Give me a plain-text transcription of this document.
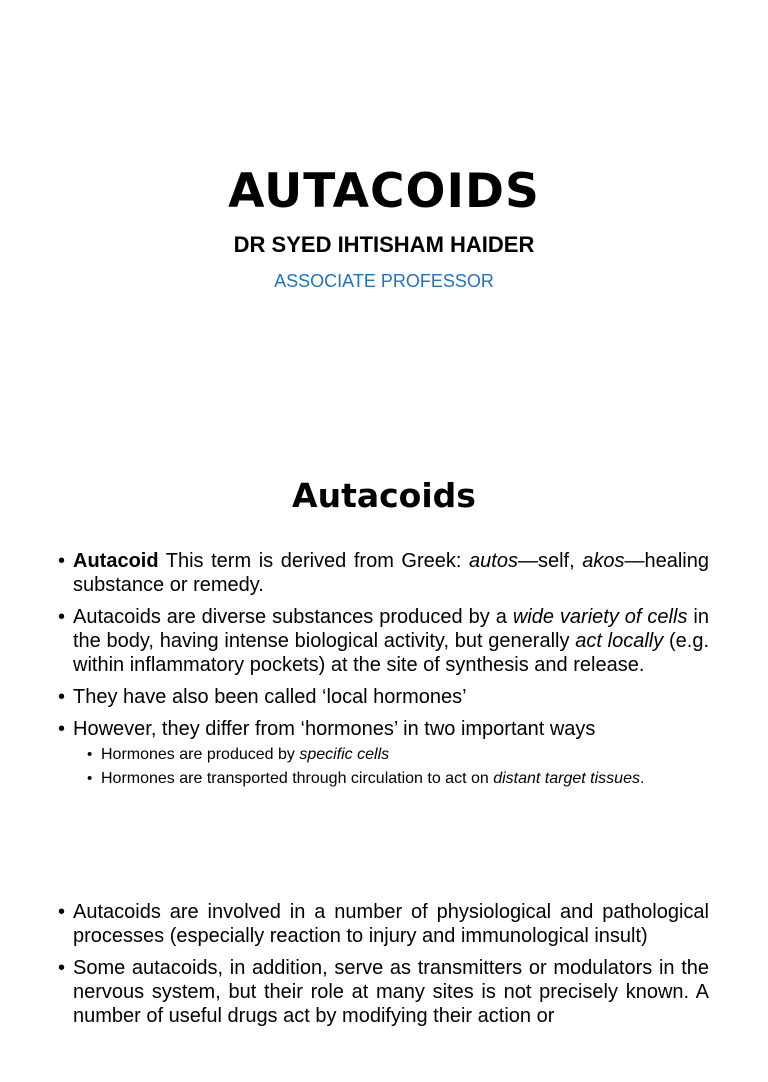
AUTACOIDS
DR SYED IHTISHAM HAIDER
ASSOCIATE PROFESSOR
Autacoids
• Autacoid This term is derived from Greek: autos—self, akos—healing substance or remedy.
• Autacoids are diverse substances produced by a wide variety of cells in the body, having intense biological activity, but generally act locally (e.g. within inflammatory pockets) at the site of synthesis and release.
• They have also been called ‘local hormones’
• However, they differ from ‘hormones’ in two important ways
• Hormones are produced by specific cells
• Hormones are transported through circulation to act on distant target tissues.
• Autacoids are involved in a number of physiological and pathological processes (especially reaction to injury and immunological insult)
• Some autacoids, in addition, serve as transmitters or modulators in the nervous system, but their role at many sites is not precisely known. A number of useful drugs act by modifying their action or
